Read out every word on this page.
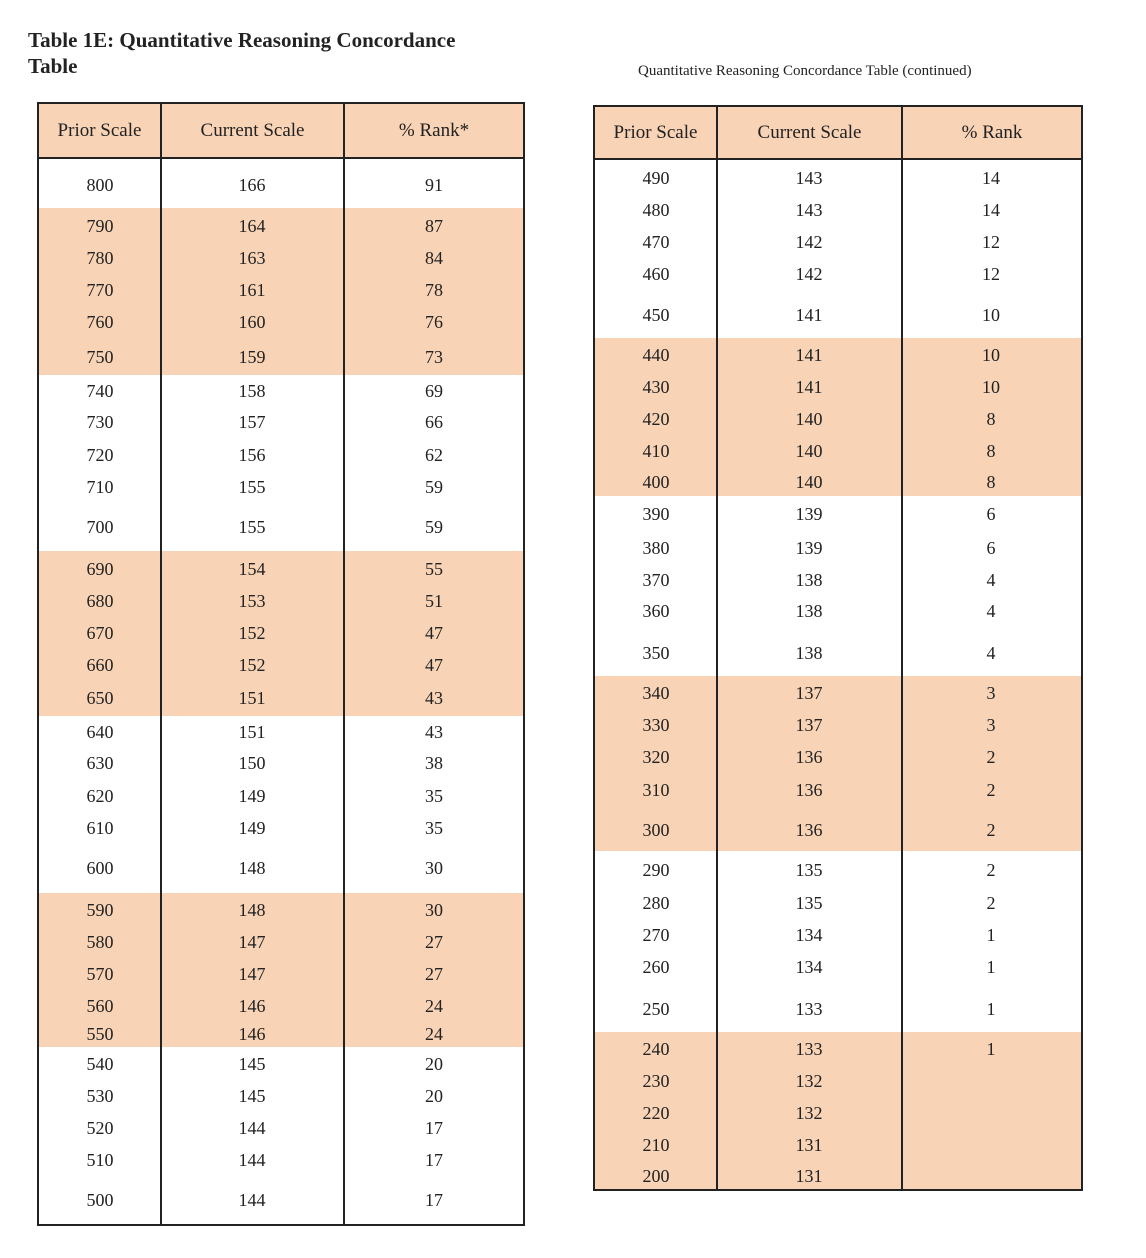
Table 1E: Quantitative Reasoning Concordance Table	Quantitative Reasoning Concordance Table (continued)
Prior Scale	Current Scale	% Rank*
800	166	91
790	164	87
780	163	84
770	161	78
760	160	76
750	159	73
740	158	69
730	157	66
720	156	62
710	155	59
700	155	59
690	154	55
680	153	51
670	152	47
660	152	47
650	151	43
640	151	43
630	150	38
620	149	35
610	149	35
600	148	30
590	148	30
580	147	27
570	147	27
560	146	24
550	146	24
540	145	20
530	145	20
520	144	17
510	144	17
500	144	17
Prior Scale	Current Scale	% Rank
490	143	14
480	143	14
470	142	12
460	142	12
450	141	10
440	141	10
430	141	10
420	140	8
410	140	8
400	140	8
390	139	6
380	139	6
370	138	4
360	138	4
350	138	4
340	137	3
330	137	3
320	136	2
310	136	2
300	136	2
290	135	2
280	135	2
270	134	1
260	134	1
250	133	1
240	133	1
230	132
220	132
210	131
200	131
